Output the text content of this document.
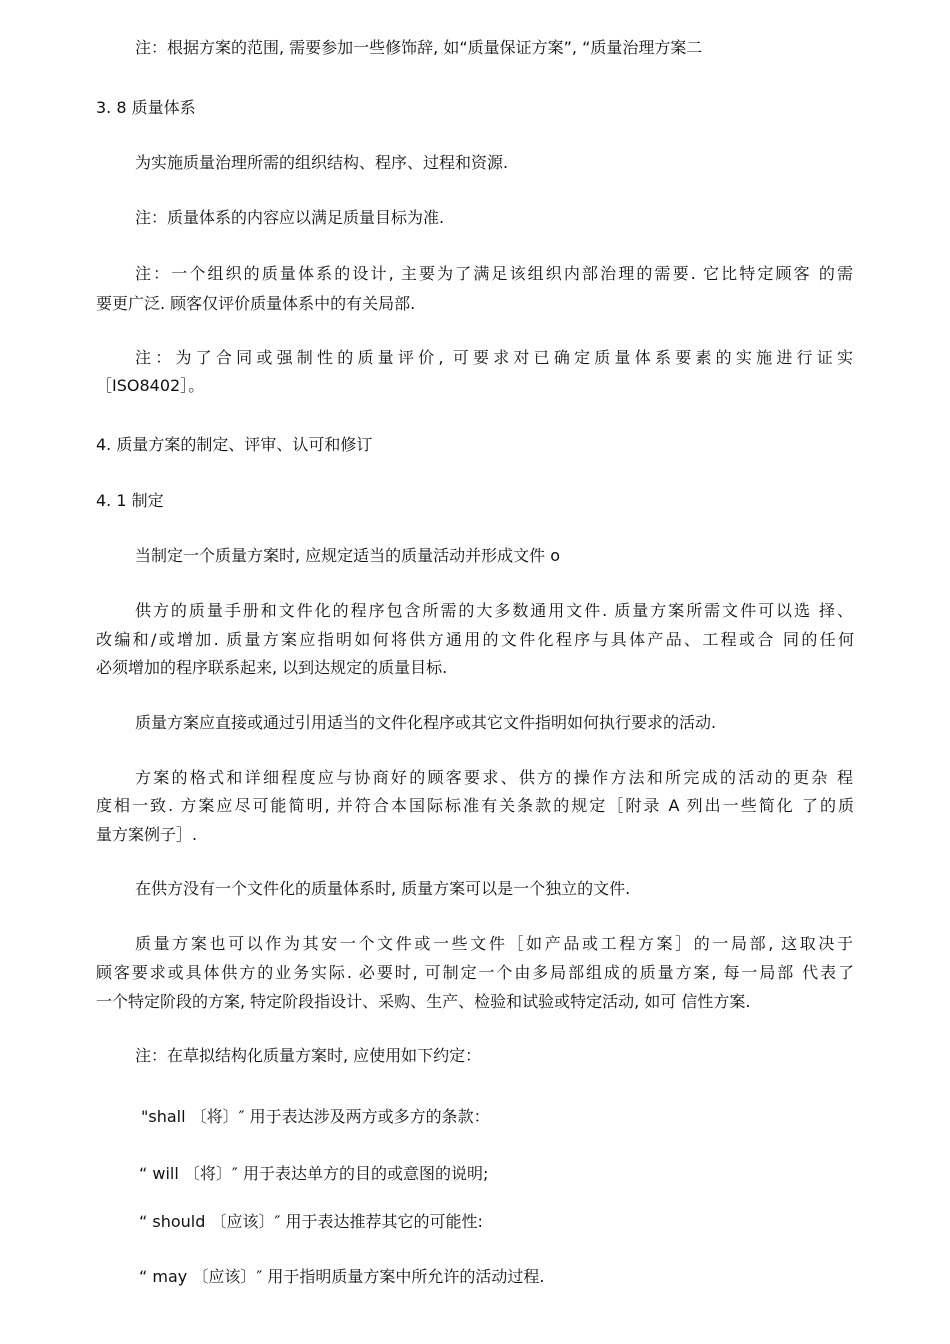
注：根据方案的范围, 需要参加一些修饰辞, 如“质量保证方案”, “质量治理方案二

3. 8 质量体系

为实施质量治理所需的组织结构、程序、过程和资源.

注：质量体系的内容应以满足质量目标为准.

注：一个组织的质量体系的设计, 主要为了满足该组织内部治理的需要. 它比特定顾客 的需

要更广泛. 顾客仅评价质量体系中的有关局部.

注：为了合同或强制性的质量评价, 可要求对已确定质量体系要素的实施进行证实

［ISO8402］。

4. 质量方案的制定、评审、认可和修订

4. 1 制定

当制定一个质量方案时, 应规定适当的质量活动并形成文件 o

供方的质量手册和文件化的程序包含所需的大多数通用文件. 质量方案所需文件可以选 择、

改编和/或增加. 质量方案应指明如何将供方通用的文件化程序与具体产品、工程或合 同的任何

必须增加的程序联系起来, 以到达规定的质量目标.

质量方案应直接或通过引用适当的文件化程序或其它文件指明如何执行要求的活动.

方案的格式和详细程度应与协商好的顾客要求、供方的操作方法和所完成的活动的更杂 程

度相一致. 方案应尽可能简明, 并符合本国际标准有关条款的规定［附录 A 列出一些简化 了的质

量方案例子］.

在供方没有一个文件化的质量体系时, 质量方案可以是一个独立的文件.

质量方案也可以作为其安一个文件或一些文件［如产品或工程方案］的一局部, 这取决于

顾客要求或具体供方的业务实际. 必要时, 可制定一个由多局部组成的质量方案, 每一局部 代表了

一个特定阶段的方案, 特定阶段指设计、采购、生产、检验和试验或特定活动, 如可 信性方案.

注：在草拟结构化质量方案时, 应使用如下约定：

"shall 〔将〕″ 用于表达涉及两方或多方的条款：

“ will 〔将〕″ 用于表达单方的目的或意图的说明;

“ should 〔应该〕″ 用于表达推荐其它的可能性:

“ may 〔应该〕″ 用于指明质量方案中所允许的活动过程.
